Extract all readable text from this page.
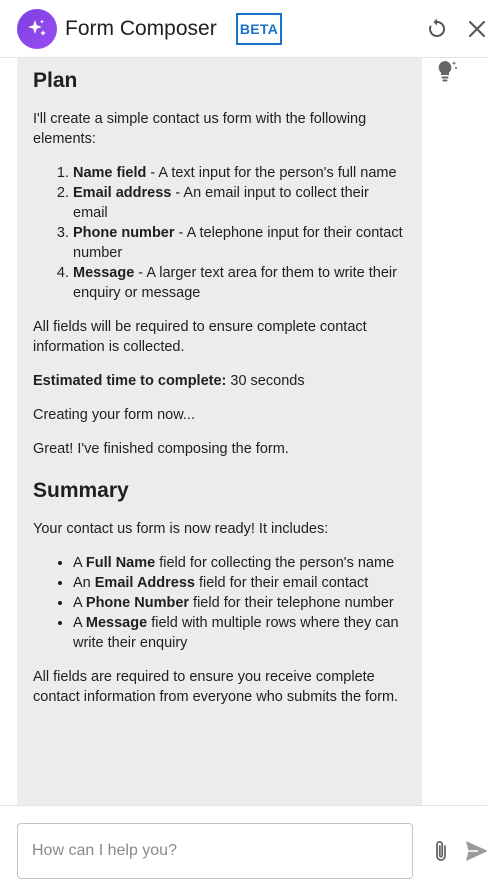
Form Composer BETA
Plan

I'll create a simple contact us form with the following elements:

1. Name field - A text input for the person's full name
2. Email address - An email input to collect their email
3. Phone number - A telephone input for their contact number
4. Message - A larger text area for them to write their enquiry or message

All fields will be required to ensure complete contact information is collected.

Estimated time to complete: 30 seconds

Creating your form now...

Great! I've finished composing the form.

Summary

Your contact us form is now ready! It includes:

• A Full Name field for collecting the person's name
• An Email Address field for their email contact
• A Phone Number field for their telephone number
• A Message field with multiple rows where they can write their enquiry

All fields are required to ensure you receive complete contact information from everyone who submits the form.

How can I help you?
